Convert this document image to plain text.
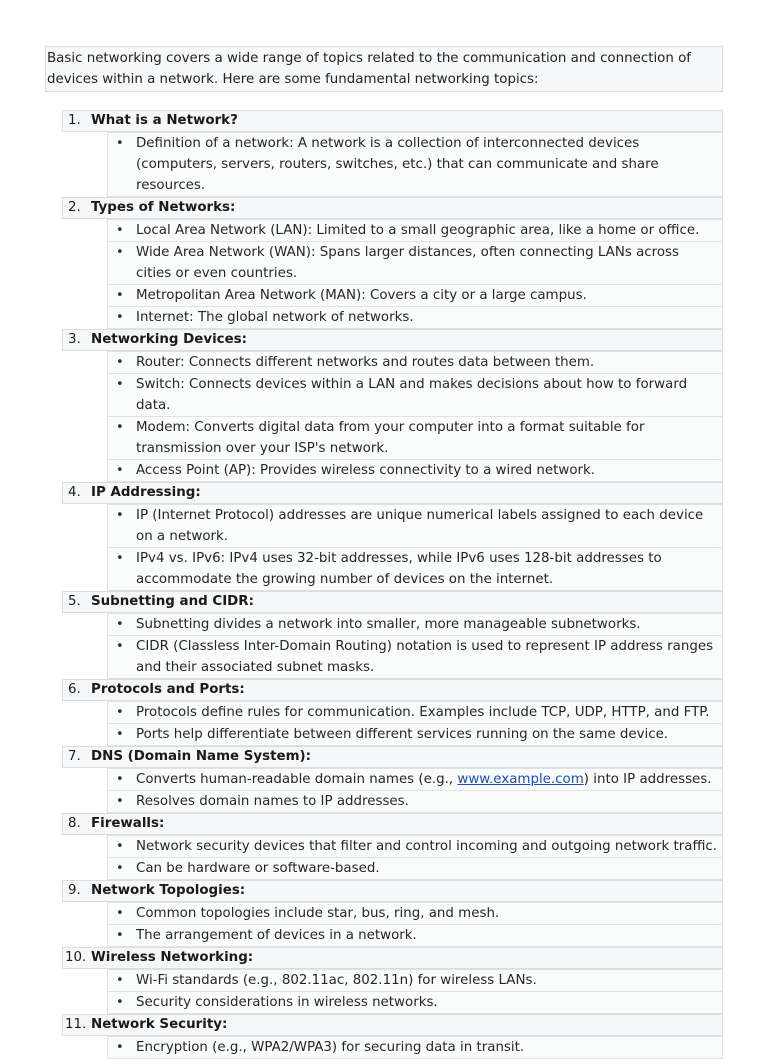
Basic networking covers a wide range of topics related to the communication and connection of devices within a network. Here are some fundamental networking topics:
1. What is a Network?
• Definition of a network: A network is a collection of interconnected devices (computers, servers, routers, switches, etc.) that can communicate and share resources.
2. Types of Networks:
• Local Area Network (LAN): Limited to a small geographic area, like a home or office.
• Wide Area Network (WAN): Spans larger distances, often connecting LANs across cities or even countries.
• Metropolitan Area Network (MAN): Covers a city or a large campus.
• Internet: The global network of networks.
3. Networking Devices:
• Router: Connects different networks and routes data between them.
• Switch: Connects devices within a LAN and makes decisions about how to forward data.
• Modem: Converts digital data from your computer into a format suitable for transmission over your ISP's network.
• Access Point (AP): Provides wireless connectivity to a wired network.
4. IP Addressing:
• IP (Internet Protocol) addresses are unique numerical labels assigned to each device on a network.
• IPv4 vs. IPv6: IPv4 uses 32-bit addresses, while IPv6 uses 128-bit addresses to accommodate the growing number of devices on the internet.
5. Subnetting and CIDR:
• Subnetting divides a network into smaller, more manageable subnetworks.
• CIDR (Classless Inter-Domain Routing) notation is used to represent IP address ranges and their associated subnet masks.
6. Protocols and Ports:
• Protocols define rules for communication. Examples include TCP, UDP, HTTP, and FTP.
• Ports help differentiate between different services running on the same device.
7. DNS (Domain Name System):
• Converts human-readable domain names (e.g., www.example.com) into IP addresses.
• Resolves domain names to IP addresses.
8. Firewalls:
• Network security devices that filter and control incoming and outgoing network traffic.
• Can be hardware or software-based.
9. Network Topologies:
• Common topologies include star, bus, ring, and mesh.
• The arrangement of devices in a network.
10. Wireless Networking:
• Wi-Fi standards (e.g., 802.11ac, 802.11n) for wireless LANs.
• Security considerations in wireless networks.
11. Network Security:
• Encryption (e.g., WPA2/WPA3) for securing data in transit.
